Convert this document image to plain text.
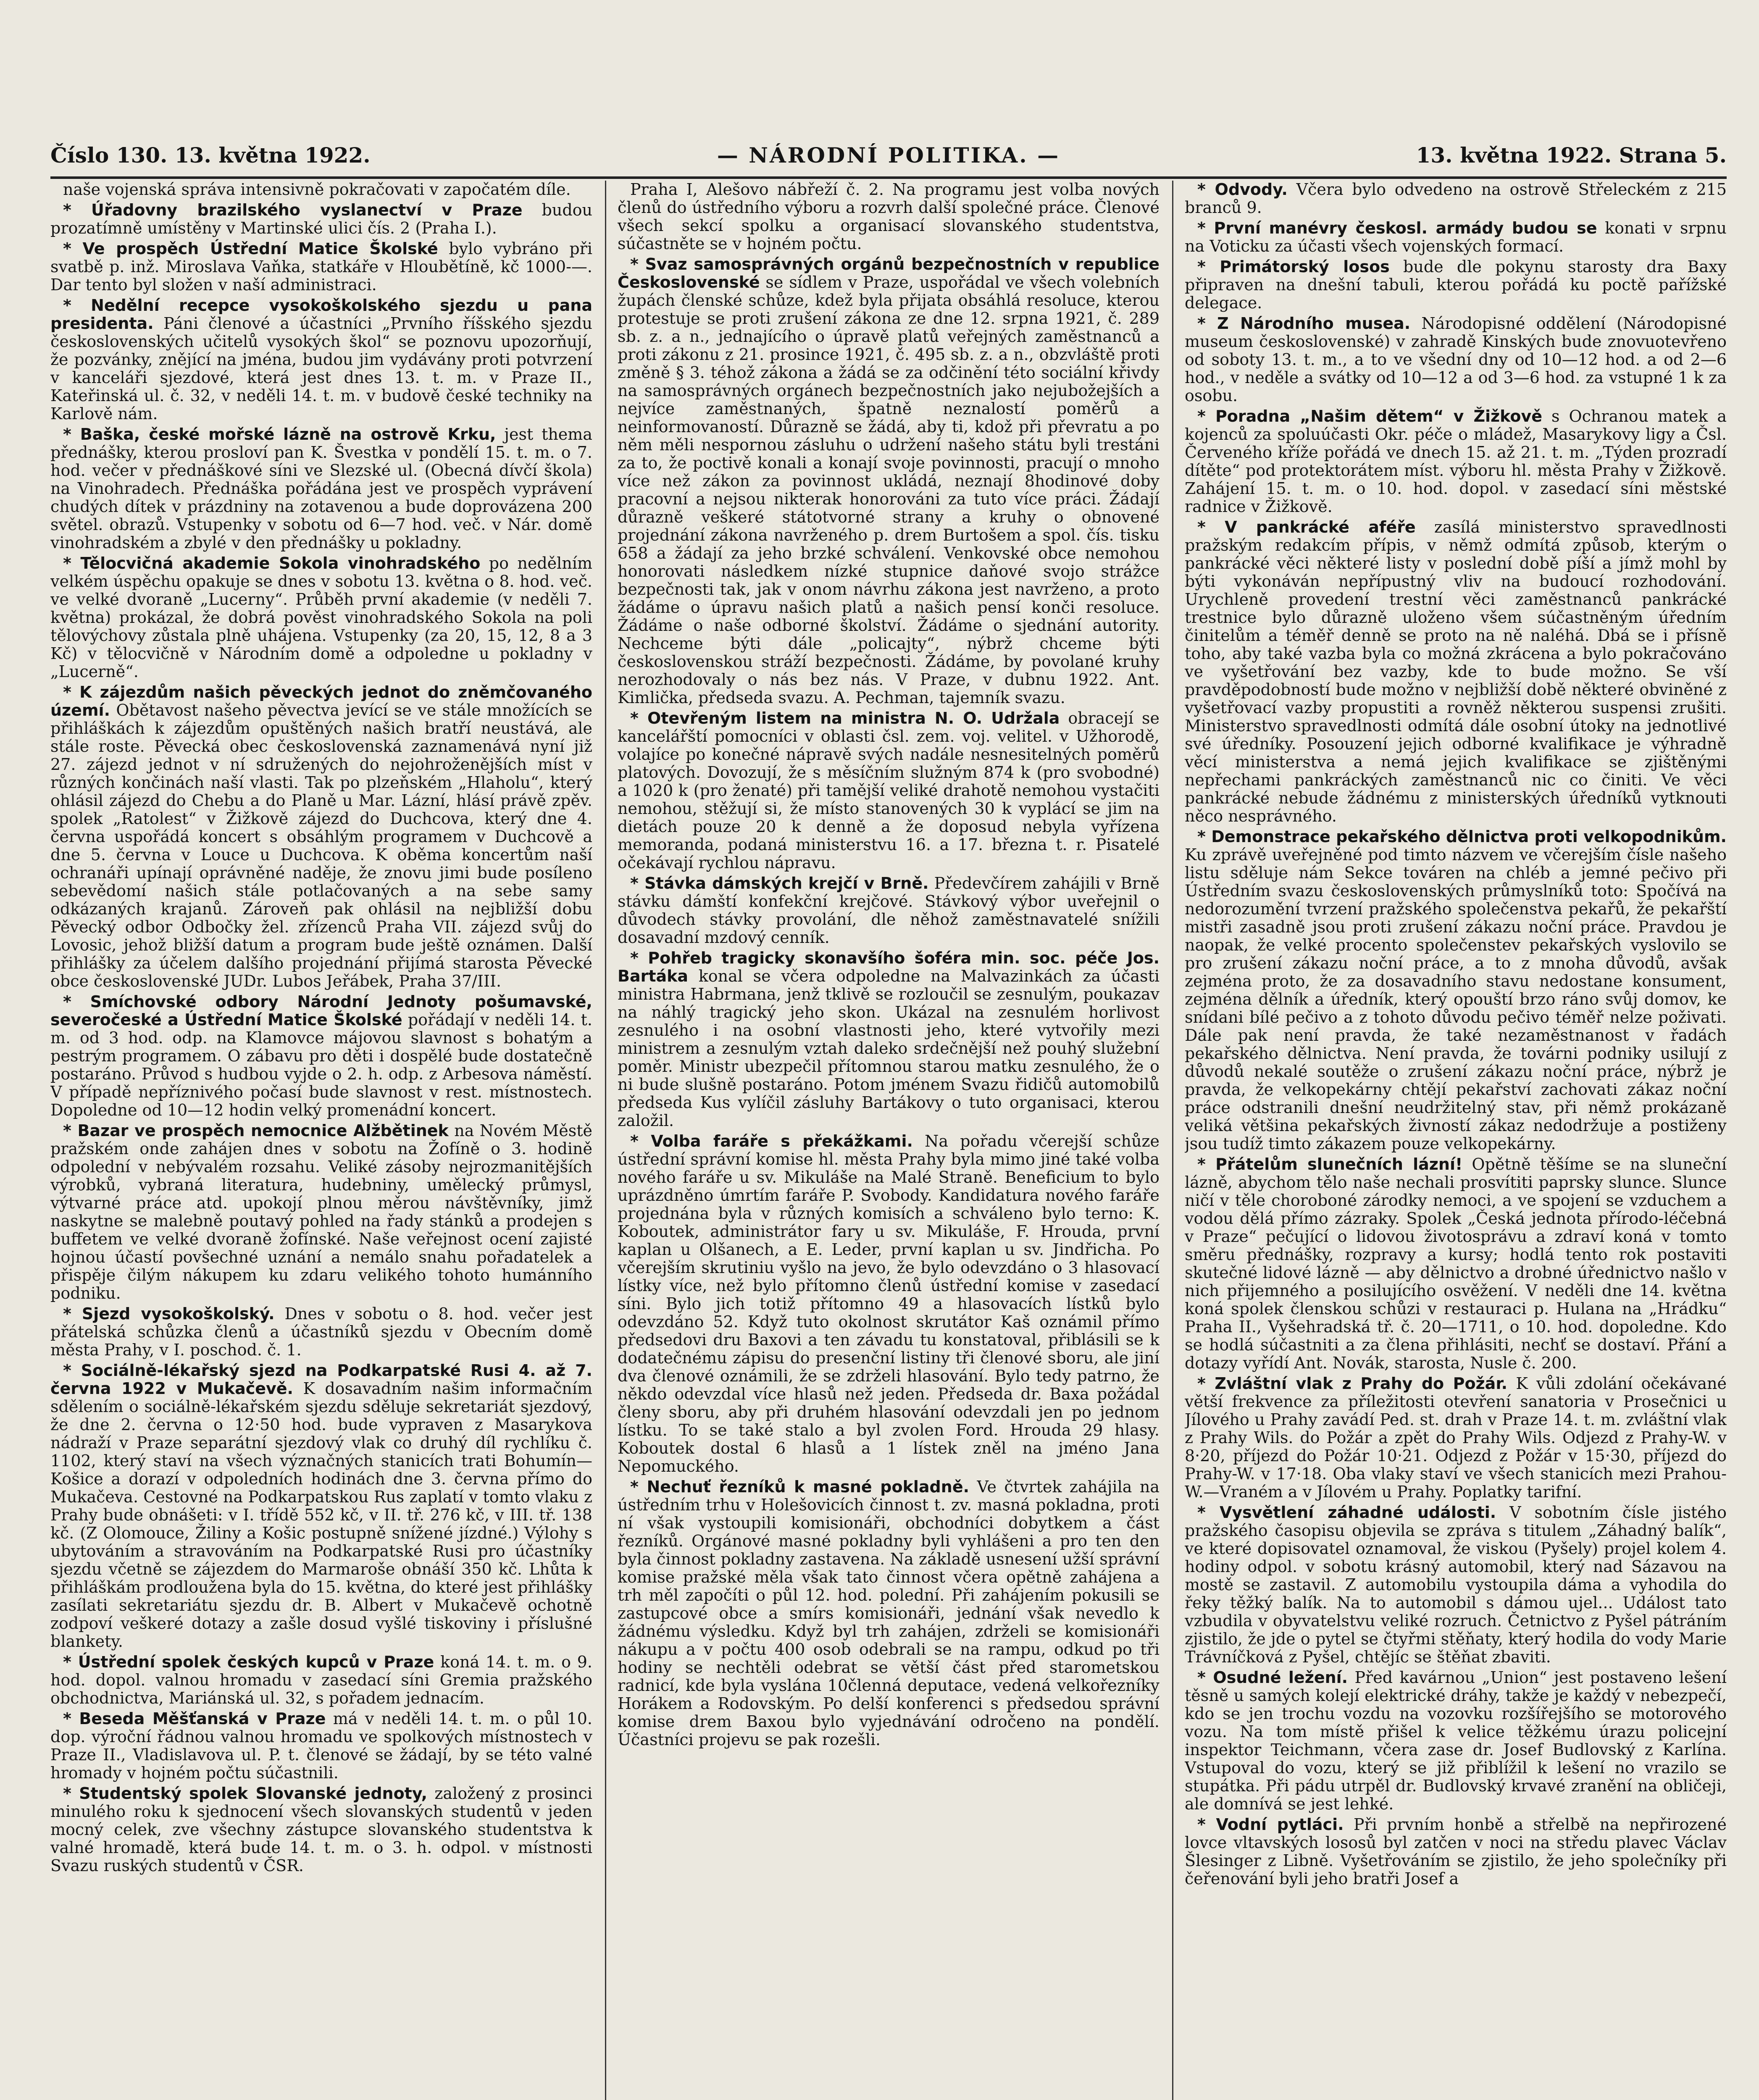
Číslo 130. 13. května 1922.	— NÁRODNÍ POLITIKA. —	13. května 1922. Strana 5.

naše vojenská správa intensivně pokračovati v započatém díle.

* Úřadovny brazilského vyslanectví v Praze budou prozatímně umístěny v Martinské ulici čís. 2 (Praha I.).

* Ve prospěch Ústřední Matice Školské bylo vybráno při svatbě p. inž. Miroslava Vaňka, statkáře v Hloubětíně, kč 1000-—. Dar tento byl složen v naší administraci.

* Nedělní recepce vysokoškolského sjezdu u pana presidenta. Páni členové a účastníci „Prvního říšského sjezdu československých učitelů vysokých škol“ se poznovu upozorňují, že pozvánky, znějící na jména, budou jim vydávány proti potvrzení v kanceláři sjezdové, která jest dnes 13. t. m. v Praze II., Kateřinská ul. č. 32, v neděli 14. t. m. v budově české techniky na Karlově nám.

* Baška, české mořské lázně na ostrově Krku, jest thema přednášky, kterou prosloví pan K. Švestka v pondělí 15. t. m. o 7. hod. večer v přednáškové síni ve Slezské ul. (Obecná dívčí škola) na Vinohradech. Přednáška pořádána jest ve prospěch vyprávení chudých dítek v prázdniny na zotavenou a bude doprovázena 200 světel. obrazů. Vstupenky v sobotu od 6—7 hod. več. v Nár. domě vinohradském a zbylé v den přednášky u pokladny.

* Tělocvičná akademie Sokola vinohradského po nedělním velkém úspěchu opakuje se dnes v sobotu 13. května o 8. hod. več. ve velké dvoraně „Lucerny“. Průběh první akademie (v neděli 7. května) prokázal, že dobrá pověst vinohradského Sokola na poli tělovýchovy zůstala plně uhájena. Vstupenky (za 20, 15, 12, 8 a 3 Kč) v tělocvičně v Národním domě a odpoledne u pokladny v „Lucerně“.

* K zájezdům našich pěveckých jednot do zněmčovaného území. Obětavost našeho pěvectva jevící se ve stále množících se přihláškách k zájezdům opuštěných našich bratří neustává, ale stále roste. Pěvecká obec československá zaznamenává nyní již 27. zájezd jednot v ní sdružených do nejohroženějších míst v různých končinách naší vlasti. Tak po plzeňském „Hlaholu“, který ohlásil zájezd do Chebu a do Planě u Mar. Lázní, hlásí právě zpěv. spolek „Ratolest“ v Žižkově zájezd do Duchcova, který dne 4. června uspořádá koncert s obsáhlým programem v Duchcově a dne 5. června v Louce u Duchcova. K oběma koncertům naší ochranáři upínají oprávněné naděje, že znovu jimi bude posíleno sebevědomí našich stále potlačovaných a na sebe samy odkázaných krajanů. Zároveň pak ohlásil na nejbližší dobu Pěvecký odbor Odbočky žel. zřízenců Praha VII. zájezd svůj do Lovosic, jehož bližší datum a program bude ještě oznámen. Další přihlášky za účelem dalšího projednání přijímá starosta Pěvecké obce československé JUDr. Lubos Jeřábek, Praha 37/III.

* Smíchovské odbory Národní Jednoty pošumavské, severočeské a Ústřední Matice Školské pořádají v neděli 14. t. m. od 3 hod. odp. na Klamovce májovou slavnost s bohatým a pestrým programem. O zábavu pro děti i dospělé bude dostatečně postaráno. Průvod s hudbou vyjde o 2. h. odp. z Arbesova náměstí. V případě nepříznivého počasí bude slavnost v rest. místnostech. Dopoledne od 10—12 hodin velký promenádní koncert.

* Bazar ve prospěch nemocnice Alžbětinek na Novém Městě pražském onde zahájen dnes v sobotu na Žofíně o 3. hodině odpolední v nebývalém rozsahu. Veliké zásoby nejrozmanitějších výrobků, vybraná literatura, hudebniny, umělecký průmysl, výtvarné práce atd. upokojí plnou měrou návštěvníky, jimž naskytne se malebně poutavý pohled na řady stánků a prodejen s buffetem ve velké dvoraně žofínské. Naše veřejnost ocení zajisté hojnou účastí povšechné uznání a nemálo snahu pořadatelek a přispěje čilým nákupem ku zdaru velikého tohoto humánního podniku.

* Sjezd vysokoškolský. Dnes v sobotu o 8. hod. večer jest přátelská schůzka členů a účastníků sjezdu v Obecním domě města Prahy, v I. poschod. č. 1.

* Sociálně-lékařský sjezd na Podkarpatské Rusi 4. až 7. června 1922 v Mukačevě. K dosavadním našim informačním sdělením o sociálně-lékařském sjezdu sděluje sekretariát sjezdový, že dne 2. června o 12·50 hod. bude vypraven z Masarykova nádraží v Praze separátní sjezdový vlak co druhý díl rychlíku č. 1102, který staví na všech význačných stanicích trati Bohumín—Košice a dorazí v odpoledních hodinách dne 3. června přímo do Mukačeva. Cestovné na Podkarpatskou Rus zaplatí v tomto vlaku z Prahy bude obnášeti: v I. třídě 552 kč, v II. tř. 276 kč, v III. tř. 138 kč. (Z Olomouce, Žiliny a Košic postupně snížené jízdné.) Výlohy s ubytováním a stravováním na Podkarpatské Rusi pro účastníky sjezdu včetně se zájezdem do Marmaroše obnáší 350 kč. Lhůta k přihláškám prodloužena byla do 15. května, do které jest přihlášky zasílati sekretariátu sjezdu dr. B. Albert v Mukačevě ochotně zodpoví veškeré dotazy a zašle dosud vyšlé tiskoviny i příslušné blankety.

* Ústřední spolek českých kupců v Praze koná 14. t. m. o 9. hod. dopol. valnou hromadu v zasedací síni Gremia pražského obchodnictva, Mariánská ul. 32, s pořadem jednacím.

* Beseda Měšťanská v Praze má v neděli 14. t. m. o půl 10. dop. výroční řádnou valnou hromadu ve spolkových místnostech v Praze II., Vladislavova ul. P. t. členové se žádají, by se této valné hromady v hojném počtu súčastnili.

* Studentský spolek Slovanské jednoty, založený z prosinci minulého roku k sjednocení všech slovanských studentů v jeden mocný celek, zve všechny zástupce slovanského studentstva k valné hromadě, která bude 14. t. m. o 3. h. odpol. v místnosti Svazu ruských studentů v ČSR.

Praha I, Alešovo nábřeží č. 2. Na programu jest volba nových členů do ústředního výboru a rozvrh další společné práce. Členové všech sekcí spolku a organisací slovanského studentstva, súčastněte se v hojném počtu.

* Svaz samosprávných orgánů bezpečnostních v republice Československé se sídlem v Praze, uspořádal ve všech volebních župách členské schůze, kdež byla přijata obsáhlá resoluce, kterou protestuje se proti zrušení zákona ze dne 12. srpna 1921, č. 289 sb. z. a n., jednajícího o úpravě platů veřejných zaměstnanců a proti zákonu z 21. prosince 1921, č. 495 sb. z. a n., obzvláště proti změně § 3. téhož zákona a žádá se za odčinění této sociální křivdy na samosprávných orgánech bezpečnostních jako nejubožejších a nejvíce zaměstnaných, špatně neznalostí poměrů a neinformovaností. Důrazně se žádá, aby ti, kdož při převratu a po něm měli nespornou zásluhu o udržení našeho státu byli trestáni za to, že poctivě konali a konají svoje povinnosti, pracují o mnoho více než zákon za povinnost ukládá, neznají 8hodinové doby pracovní a nejsou nikterak honorováni za tuto více práci. Žádají důrazně veškeré státotvorné strany a kruhy o obnovené projednání zákona navrženého p. drem Burtošem a spol. čís. tisku 658 a žádají za jeho brzké schválení. Venkovské obce nemohou honorovati následkem nízké stupnice daňové svojo strážce bezpečnosti tak, jak v onom návrhu zákona jest navrženo, a proto žádáme o úpravu našich platů a našich pensí konči resoluce. Žádáme o naše odborné školství. Žádáme o sjednání autority. Nechceme býti dále „policajty“, nýbrž chceme býti československou stráží bezpečnosti. Žádáme, by povolané kruhy nerozhodovaly o nás bez nás. V Praze, v dubnu 1922. Ant. Kimlička, předseda svazu. A. Pechman, tajemník svazu.

* Otevřeným listem na ministra N. O. Udržala obracejí se kancelářští pomocníci v oblasti čsl. zem. voj. velitel. v Užhorodě, volajíce po konečné nápravě svých nadále nesnesitelných poměrů platových. Dovozují, že s měsíčním služným 874 k (pro svobodné) a 1020 k (pro ženaté) při tamější veliké drahotě nemohou vystačiti nemohou, stěžují si, že místo stanovených 30 k vyplácí se jim na dietách pouze 20 k denně a že doposud nebyla vyřízena memoranda, podaná ministerstvu 16. a 17. března t. r. Pisatelé očekávají rychlou nápravu.

* Stávka dámských krejčí v Brně. Předevčírem zahájili v Brně stávku dámští konfekční krejčové. Stávkový výbor uveřejnil o důvodech stávky provolání, dle něhož zaměstnavatelé snížili dosavadní mzdový cenník.

* Pohřeb tragicky skonavšího šoféra min. soc. péče Jos. Bartáka konal se včera odpoledne na Malvazinkách za účasti ministra Habrmana, jenž tklivě se rozloučil se zesnulým, poukazav na náhlý tragický jeho skon. Ukázal na zesnulém horlivost zesnulého i na osobní vlastnosti jeho, které vytvořily mezi ministrem a zesnulým vztah daleko srdečnější než pouhý služební poměr. Ministr ubezpečil přítomnou starou matku zesnulého, že o ni bude slušně postaráno. Potom jménem Svazu řidičů automobilů předseda Kus vylíčil zásluhy Bartákovy o tuto organisaci, kterou založil.

* Volba faráře s překážkami. Na pořadu včerejší schůze ústřední správní komise hl. města Prahy byla mimo jiné také volba nového faráře u sv. Mikuláše na Malé Straně. Beneficium to bylo uprázdněno úmrtím faráře P. Svobody. Kandidatura nového faráře projednána byla v různých komisích a schváleno bylo terno: K. Koboutek, administrátor fary u sv. Mikuláše, F. Hrouda, první kaplan u Olšanech, a E. Leder, první kaplan u sv. Jindřicha. Po včerejším skrutiniu vyšlo na jevo, že bylo odevzdáno o 3 hlasovací lístky více, než bylo přítomno členů ústřední komise v zasedací síni. Bylo jich totiž přítomno 49 a hlasovacích lístků bylo odevzdáno 52. Když tuto okolnost skrutátor Kaš oznámil přímo předsedovi dru Baxovi a ten závadu tu konstatoval, přiblásili se k dodatečnému zápisu do presenční listiny tři členové sboru, ale jiní dva členové oznámili, že se zdrželi hlasování. Bylo tedy patrno, že někdo odevzdal více hlasů než jeden. Předseda dr. Baxa požádal členy sboru, aby při druhém hlasování odevzdali jen po jednom lístku. To se také stalo a byl zvolen Ford. Hrouda 29 hlasy. Koboutek dostal 6 hlasů a 1 lístek zněl na jméno Jana Nepomuckého.

* Nechuť řezníků k masné pokladně. Ve čtvrtek zahájila na ústředním trhu v Holešovicích činnost t. zv. masná pokladna, proti ní však vystoupili komisionáři, obchodníci dobytkem a část řezníků. Orgánové masné pokladny byli vyhlášeni a pro ten den byla činnost pokladny zastavena. Na základě usnesení užší správní komise pražské měla však tato činnost včera opětně zahájena a trh měl započíti o půl 12. hod. polední. Při zahájením pokusili se zastupcové obce a smírs komisionáři, jednání však nevedlo k žádnému výsledku. Když byl trh zahájen, zdrželi se komisionáři nákupu a v počtu 400 osob odebrali se na rampu, odkud po tři hodiny se nechtěli odebrat se větší část před starometskou radnicí, kde byla vyslána 10členná deputace, vedená velkořezníky Horákem a Rodovským. Po delší konferenci s předsedou správní komise drem Baxou bylo vyjednávání odročeno na pondělí. Účastníci projevu se pak rozešli.

* Odvody. Včera bylo odvedeno na ostrově Střeleckém z 215 branců 9.

* První manévry českosl. armády budou se konati v srpnu na Voticku za účasti všech vojenských formací.

* Primátorský losos bude dle pokynu starosty dra Baxy připraven na dnešní tabuli, kterou pořádá ku poctě pařížské delegace.

* Z Národního musea. Národopisné oddělení (Národopisné museum československé) v zahradě Kinských bude znovuotevřeno od soboty 13. t. m., a to ve všední dny od 10—12 hod. a od 2—6 hod., v neděle a svátky od 10—12 a od 3—6 hod. za vstupné 1 k za osobu.

* Poradna „Našim dětem“ v Žižkově s Ochranou matek a kojenců za spoluúčasti Okr. péče o mládež, Masarykovy ligy a Čsl. Červeného kříže pořádá ve dnech 15. až 21. t. m. „Týden prozradí dítěte“ pod protektorátem míst. výboru hl. města Prahy v Žižkově. Zahájení 15. t. m. o 10. hod. dopol. v zasedací síni městské radnice v Žižkově.

* V pankrácké aféře zasílá ministerstvo spravedlnosti pražským redakcím přípis, v němž odmítá způsob, kterým o pankrácké věci některé listy v poslední době píší a jímž mohl by býti vykonáván nepřípustný vliv na budoucí rozhodování. Urychleně provedení trestní věci zaměstnanců pankrácké trestnice bylo důrazně uloženo všem súčastněným úředním činitelům a téměř denně se proto na ně naléhá. Dbá se i přísně toho, aby také vazba byla co možná zkrácena a bylo pokračováno ve vyšetřování bez vazby, kde to bude možno. Se vší pravděpodobností bude možno v nejbližší době některé obviněné z vyšetřovací vazby propustiti a rovněž některou suspensi zrušiti. Ministerstvo spravedlnosti odmítá dále osobní útoky na jednotlivé své úředníky. Posouzení jejich odborné kvalifikace je výhradně věcí ministerstva a nemá jejich kvalifikace se zjištěnými nepřechami pankráckých zaměstnanců nic co činiti. Ve věci pankrácké nebude žádnému z ministerských úředníků vytknouti něco nesprávného.

* Demonstrace pekařského dělnictva proti velkopodnikům. Ku zprávě uveřejněné pod timto názvem ve včerejším čísle našeho listu sděluje nám Sekce továren na chléb a jemné pečivo při Ústředním svazu československých průmyslníků toto: Spočívá na nedorozumění tvrzení pražského společenstva pekařů, že pekařští mistři zasadně jsou proti zrušení zákazu noční práce. Pravdou je naopak, že velké procento společenstev pekařských vyslovilo se pro zrušení zákazu noční práce, a to z mnoha důvodů, avšak zejména proto, že za dosavadního stavu nedostane konsument, zejména dělník a úředník, který opouští brzo ráno svůj domov, ke snídani bílé pečivo a z tohoto důvodu pečivo téměř nelze poživati. Dále pak není pravda, že také nezaměstnanost v řadách pekařského dělnictva. Není pravda, že továrni podniky usilují z důvodů nekalé soutěže o zrušení zákazu noční práce, nýbrž je pravda, že velkopekárny chtějí pekařství zachovati zákaz noční práce odstranili dnešní neudržitelný stav, při němž prokázaně veliká většina pekařských živností zákaz nedodržuje a postiženy jsou tudíž timto zákazem pouze velkopekárny.

* Přátelům slunečních lázní! Opětně těšíme se na sluneční lázně, abychom tělo naše nechali prosvítiti paprsky slunce. Slunce ničí v těle choroboné zárodky nemoci, a ve spojení se vzduchem a vodou dělá přímo zázraky. Spolek „Česká jednota přírodo-léčebná v Praze“ pečující o lidovou životosprávu a zdraví koná v tomto směru přednášky, rozpravy a kursy; hodlá tento rok postaviti skutečné lidové lázně — aby dělnictvo a drobné úřednictvo našlo v nich přijemného a posilujícího osvěžení. V neděli dne 14. května koná spolek členskou schůzi v restauraci p. Hulana na „Hrádku“ Praha II., Vyšehradská tř. č. 20—1711, o 10. hod. dopoledne. Kdo se hodlá súčastniti a za člena přihlásiti, nechť se dostaví. Přání a dotazy vyřídí Ant. Novák, starosta, Nusle č. 200.

* Zvláštní vlak z Prahy do Požár. K vůli zdolání očekávané větší frekvence za příležitosti otevření sanatoria v Prosečnici u Jílového u Prahy zavádí Ped. st. drah v Praze 14. t. m. zvláštní vlak z Prahy Wils. do Požár a zpět do Prahy Wils. Odjezd z Prahy-W. v 8·20, příjezd do Požár 10·21. Odjezd z Požár v 15·30, příjezd do Prahy-W. v 17·18. Oba vlaky staví ve všech stanicích mezi Prahou-W.—Vraném a v Jílovém u Prahy. Poplatky tarifní.

* Vysvětlení záhadné události. V sobotním čísle jistého pražského časopisu objevila se zpráva s titulem „Záhadný balík“, ve které dopisovatel oznamoval, že viskou (Pyšely) projel kolem 4. hodiny odpol. v sobotu krásný automobil, který nad Sázavou na mostě se zastavil. Z automobilu vystoupila dáma a vyhodila do řeky těžký balík. Na to automobil s dámou ujel... Událost tato vzbudila v obyvatelstvu veliké rozruch. Četnictvo z Pyšel pátráním zjistilo, že jde o pytel se čtyřmi stěňaty, který hodila do vody Marie Trávníčková z Pyšel, chtějíc se štěňat zbaviti.

* Osudné ležení. Před kavárnou „Union“ jest postaveno lešení těsně u samých kolejí elektrické dráhy, takže je každý v nebezpečí, kdo se jen trochu vozdu na vozovku rozšířejšího se motorového vozu. Na tom místě přišel k velice těžkému úrazu policejní inspektor Teichmann, včera zase dr. Josef Budlovský z Karlína. Vstupoval do vozu, který se již přiblížil k lešení no vrazilo se stupátka. Při pádu utrpěl dr. Budlovský krvavé zranění na obličeji, ale domnívá se jest lehké.

* Vodní pytláci. Při prvním honbě a střelbě na nepřirozené lovce vltavských lososů byl zatčen v noci na středu plavec Václav Šlesinger z Libně. Vyšetřováním se zjistilo, že jeho společníky při čeřenování byli jeho bratři Josef a
